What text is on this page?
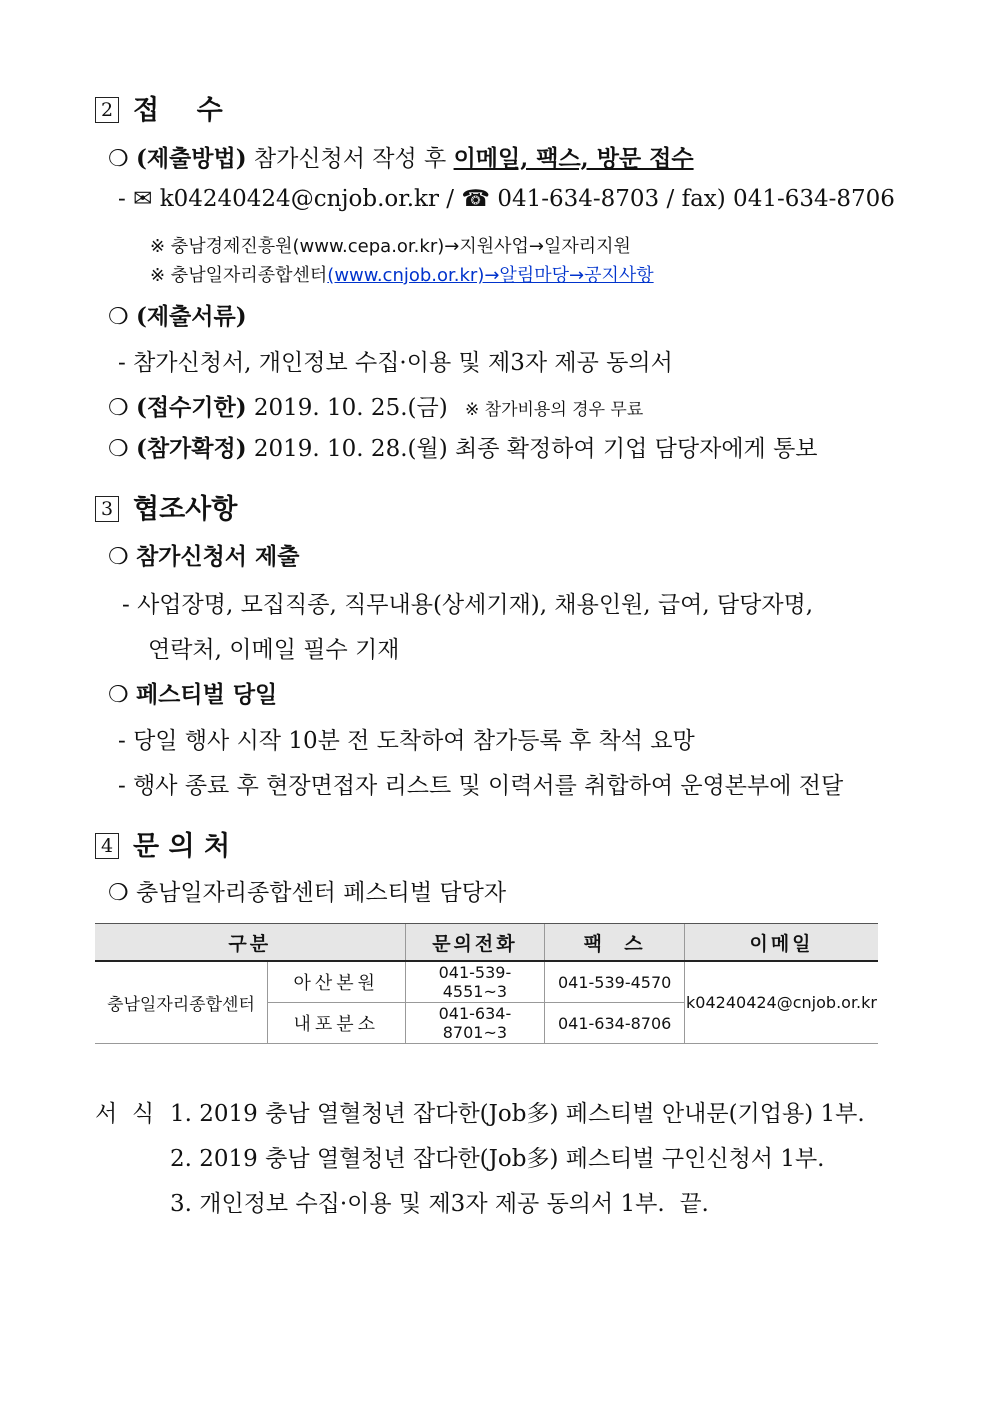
2 접    수
❍ (제출방법) 참가신청서 작성 후 이메일, 팩스, 방문 접수
- ✉ k04240424@cnjob.or.kr / ☎ 041-634-8703 / fax) 041-634-8706
※ 충남경제진흥원(www.cepa.or.kr)→지원사업→일자리지원
※ 충남일자리종합센터(www.cnjob.or.kr)→알림마당→공지사항
❍ (제출서류)
- 참가신청서, 개인정보 수집·이용 및 제3자 제공 동의서
❍ (접수기한) 2019. 10. 25.(금) ※ 참가비용의 경우 무료
❍ (참가확정) 2019. 10. 28.(월) 최종 확정하여 기업 담당자에게 통보
3 협조사항
❍ 참가신청서 제출
- 사업장명, 모집직종, 직무내용(상세기재), 채용인원, 급여, 담당자명,
연락처, 이메일 필수 기재
❍ 페스티벌 당일
- 당일 행사 시작 10분 전 도착하여 참가등록 후 착석 요망
- 행사 종료 후 현장면접자 리스트 및 이력서를 취합하여 운영본부에 전달
4 문 의 처
❍ 충남일자리종합센터 페스티벌 담당자
구분		문의전화	팩  스	이메일
충남일자리종합센터	아산본원	041-539-4551~3	041-539-4570	k04240424@cnjob.or.kr
	내포분소	041-634-8701~3	041-634-8706	
서  식 1. 2019 충남 열혈청년 잡다한(Job多) 페스티벌 안내문(기업용) 1부.
2. 2019 충남 열혈청년 잡다한(Job多) 페스티벌 구인신청서 1부.
3. 개인정보 수집·이용 및 제3자 제공 동의서 1부.  끝.
